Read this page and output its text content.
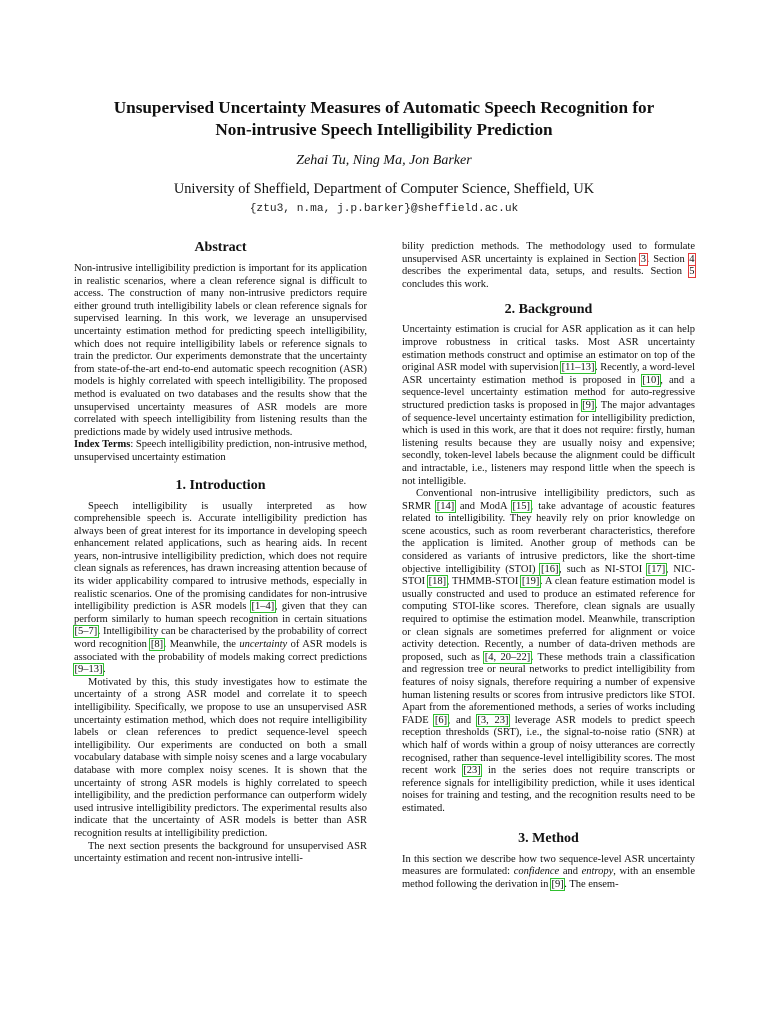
Unsupervised Uncertainty Measures of Automatic Speech Recognition for
Non-intrusive Speech Intelligibility Prediction
Zehai Tu, Ning Ma, Jon Barker
University of Sheffield, Department of Computer Science, Sheffield, UK
{ztu3, n.ma, j.p.barker}@sheffield.ac.uk
Abstract

Non-intrusive intelligibility prediction is important for its application in realistic scenarios, where a clean reference signal is difficult to access. The construction of many non-intrusive predictors require either ground truth intelligibility labels or clean reference signals for supervised learning. In this work, we leverage an unsupervised uncertainty estimation method for predicting speech intelligibility, which does not require intelligibility labels or reference signals to train the predictor. Our experiments demonstrate that the uncertainty from state-of-the-art end-to-end automatic speech recognition (ASR) models is highly correlated with speech intelligibility. The proposed method is evaluated on two databases and the results show that the unsupervised uncertainty measures of ASR models are more correlated with speech intelligibility from listening results than the predictions made by widely used intrusive methods.

Index Terms: Speech intelligibility prediction, non-intrusive method, unsupervised uncertainty estimation

1. Introduction

Speech intelligibility is usually interpreted as how comprehensible speech is. Accurate intelligibility prediction has always been of great interest for its importance in developing speech enhancement related applications, such as hearing aids. In recent years, non-intrusive intelligibility prediction, which does not require clean signals as references, has drawn increasing attention because of its wider applicability compared to intrusive methods, especially in realistic scenarios. One of the promising candidates for non-intrusive intelligibility prediction is ASR models [1–4], given that they can perform similarly to human speech recognition in certain situations [5–7]. Intelligibility can be characterised by the probability of correct word recognition [8]. Meanwhile, the uncertainty of ASR models is associated with the probability of models making correct predictions [9–13].

Motivated by this, this study investigates how to estimate the uncertainty of a strong ASR model and correlate it to speech intelligibility. Specifically, we propose to use an unsupervised ASR uncertainty estimation method, which does not require intelligibility labels or clean references to predict sequence-level speech intelligibility. Our experiments are conducted on both a small vocabulary database with simple noisy scenes and a large vocabulary database with more complex noisy scenes. It is shown that the uncertainty of strong ASR models is highly correlated to speech intelligibility, and the prediction performance can outperform widely used intrusive intelligibility predictors. The experimental results also indicate that the uncertainty of ASR models is better than ASR recognition results at intelligibility prediction.

The next section presents the background for unsupervised ASR uncertainty estimation and recent non-intrusive intelli-

bility prediction methods. The methodology used to formulate unsupervised ASR uncertainty is explained in Section 3. Section 4 describes the experimental data, setups, and results. Section 5 concludes this work.

2. Background

Uncertainty estimation is crucial for ASR application as it can help improve robustness in critical tasks. Most ASR uncertainty estimation methods construct and optimise an estimator on top of the original ASR model with supervision [11–13]. Recently, a word-level ASR uncertainty estimation method is proposed in [10], and a sequence-level uncertainty estimation method for auto-regressive structured prediction tasks is proposed in [9]. The major advantages of sequence-level uncertainty estimation for intelligibility prediction, which is used in this work, are that it does not require: firstly, human listening results because they are usually noisy and expensive; secondly, token-level labels because the alignment could be difficult and intractable, i.e., listeners may respond little when the speech is not intelligible.

Conventional non-intrusive intelligibility predictors, such as SRMR [14] and ModA [15], take advantage of acoustic features related to intelligibility. They heavily rely on prior knowledge on scene acoustics, such as room reverberant characteristics, therefore the application is limited. Another group of methods can be considered as variants of intrusive predictors, like the short-time objective intelligibility (STOI) [16], such as NI-STOI [17], NIC-STOI [18], THMMB-STOI [19]. A clean feature estimation model is usually constructed and used to produce an estimated reference for computing STOI-like scores. Therefore, clean signals are usually required to optimise the estimation model. Meanwhile, transcription or clean signals are sometimes preferred for alignment or voice activity detection. Recently, a number of data-driven methods are proposed, such as [4, 20–22]. These methods train a classification and regression tree or neural networks to predict intelligibility from features of noisy signals, therefore requiring a number of expensive human listening results or scores from intrusive predictors like STOI. Apart from the aforementioned methods, a series of works including FADE [6], and [3, 23] leverage ASR models to predict speech reception thresholds (SRT), i.e., the signal-to-noise ratio (SNR) at which half of words within a group of noisy utterances are correctly recognised, rather than sequence-level intelligibility scores. The most recent work [23] in the series does not require transcripts or reference signals for intelligibility prediction, while it uses identical noises for training and testing, and the recognition results need to be estimated.

3. Method

In this section we describe how two sequence-level ASR uncertainty measures are formulated: confidence and entropy, with an ensemble method following the derivation in [9]. The ensem-
